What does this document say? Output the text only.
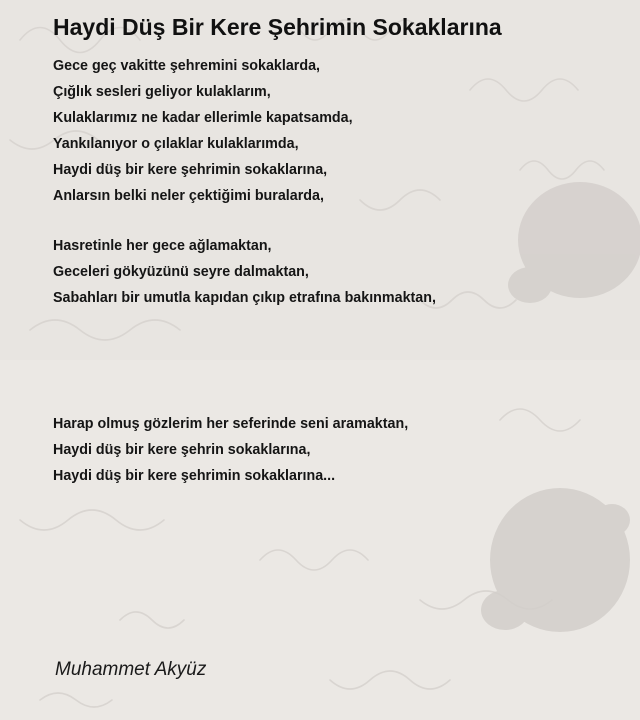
Haydi Düş Bir Kere Şehrimin Sokaklarına
Gece geç vakitte şehremini sokaklarda,
Çığlık sesleri geliyor kulaklarım,
Kulaklarımız ne kadar ellerimle kapatsamda,
Yankılanıyor o çılaklar kulaklarımda,
Haydi düş bir kere şehrimin sokaklarına,
Anlarsın belki neler çektiğimi buralarda,
Hasretinle her gece ağlamaktan,
Geceleri gökyüzünü seyre dalmaktan,
Sabahları bir umutla kapıdan çıkıp etrafına bakınmaktan,
Harap olmuş gözlerim her seferinde seni aramaktan,
Haydi düş bir kere şehrin sokaklarına,
Haydi düş bir kere şehrimin sokaklarına...

Muhammet Akyüz
